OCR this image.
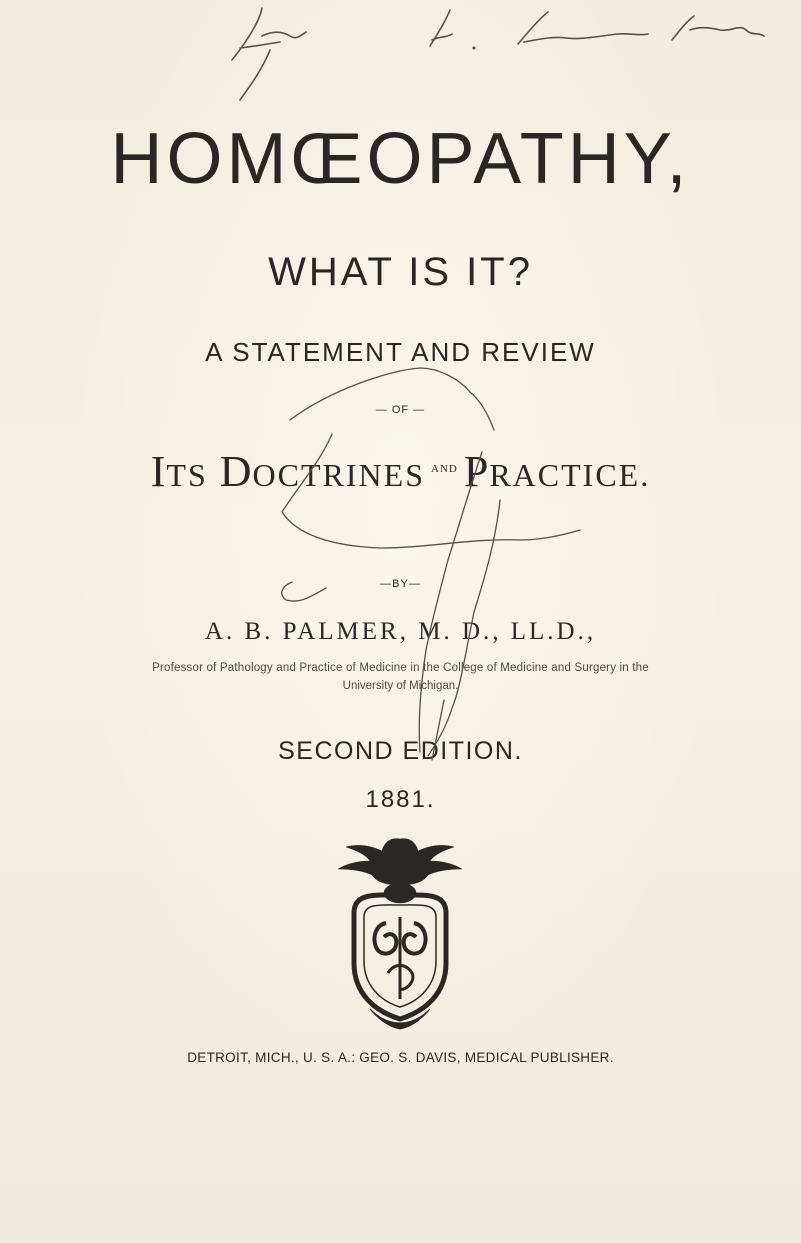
HOMŒOPATHY,
WHAT IS IT?
A STATEMENT AND REVIEW
— OF —
ITS DOCTRINES $^{AND}$ PRACTICE.
—BY—
A. B. PALMER, M. D., LL.D.,
Professor of Pathology and Practice of Medicine in the College of Medicine and Surgery in the
University of Michigan.
SECOND EDITION.
1881.
DETROIT, MICH., U. S. A.: GEO. S. DAVIS, MEDICAL PUBLISHER.
